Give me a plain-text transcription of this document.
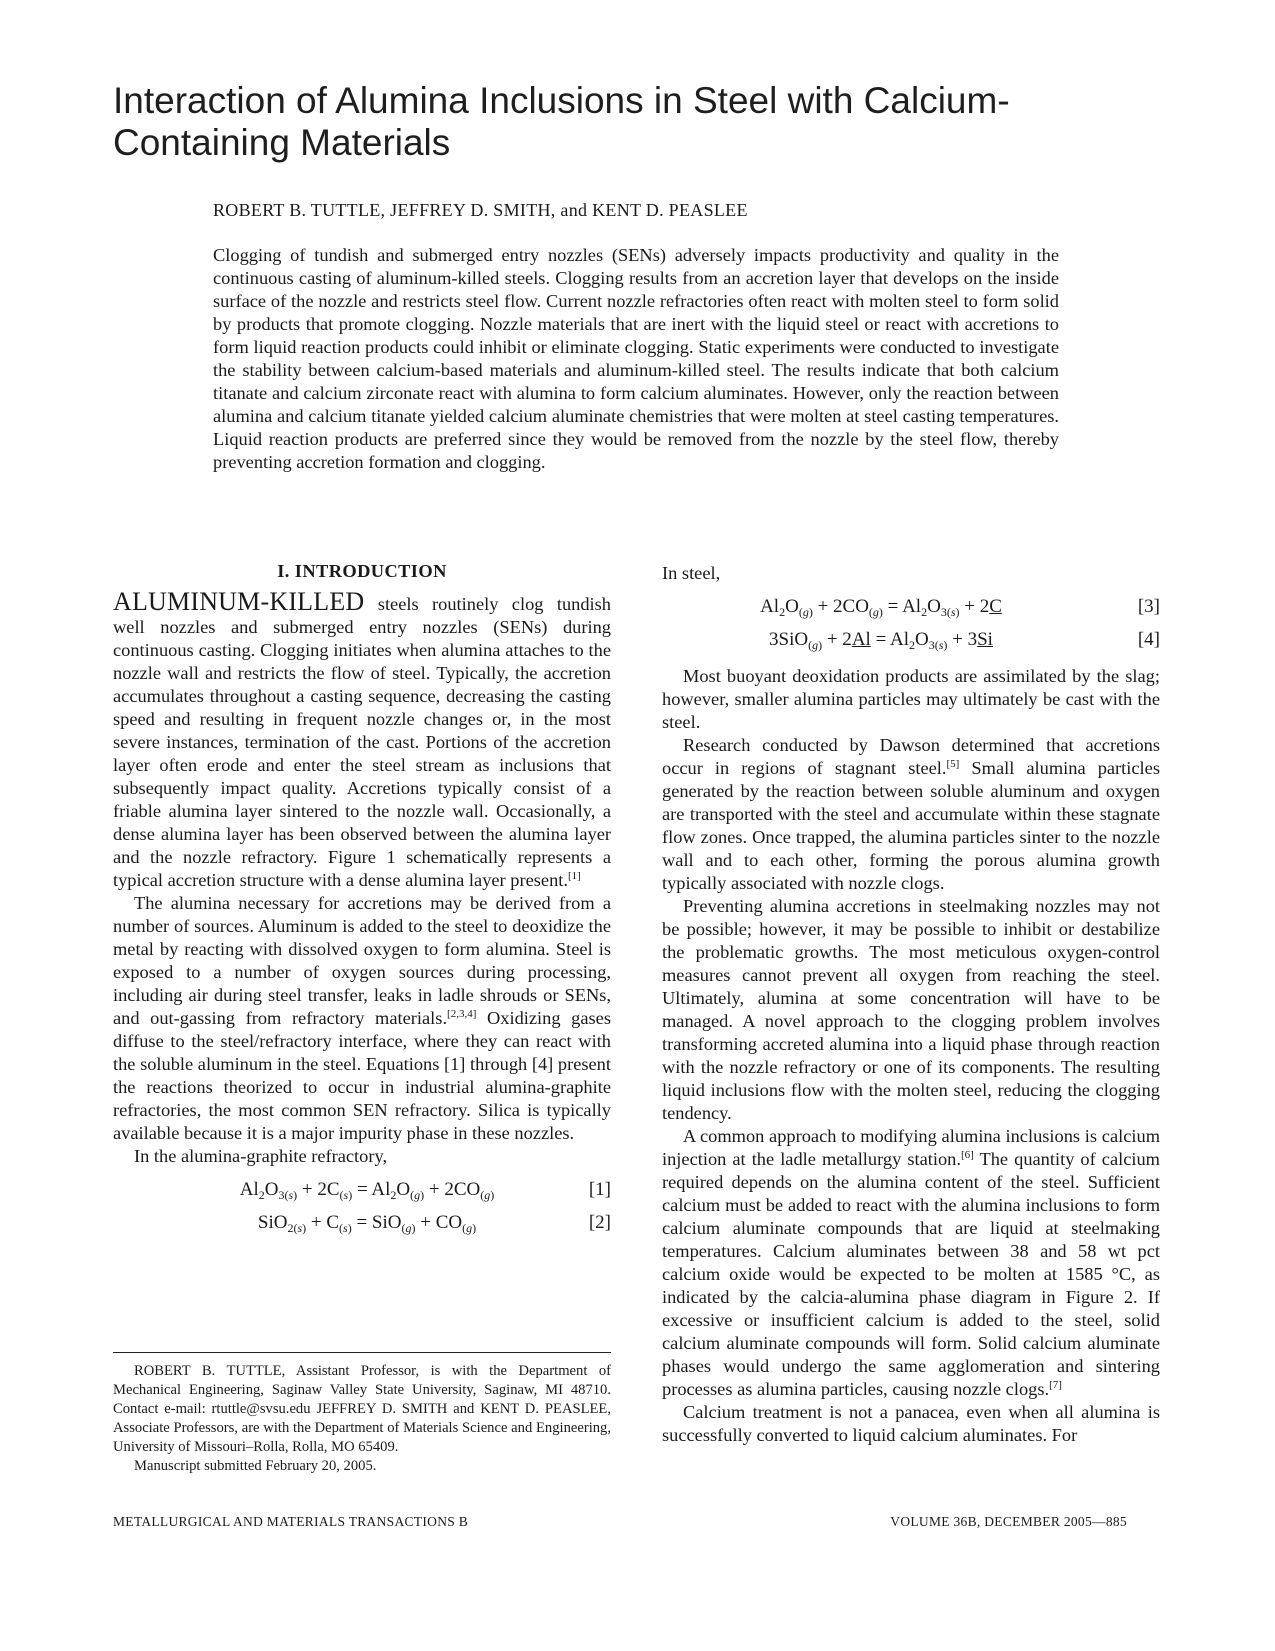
Interaction of Alumina Inclusions in Steel with Calcium-Containing Materials
ROBERT B. TUTTLE, JEFFREY D. SMITH, and KENT D. PEASLEE

Clogging of tundish and submerged entry nozzles (SENs) adversely impacts productivity and quality in the continuous casting of aluminum-killed steels. Clogging results from an accretion layer that develops on the inside surface of the nozzle and restricts steel flow. Current nozzle refractories often react with molten steel to form solid by products that promote clogging. Nozzle materials that are inert with the liquid steel or react with accretions to form liquid reaction products could inhibit or eliminate clogging. Static experiments were conducted to investigate the stability between calcium-based materials and aluminum-killed steel. The results indicate that both calcium titanate and calcium zirconate react with alumina to form calcium aluminates. However, only the reaction between alumina and calcium titanate yielded calcium aluminate chemistries that were molten at steel casting temperatures. Liquid reaction products are preferred since they would be removed from the nozzle by the steel flow, thereby preventing accretion formation and clogging.

I. INTRODUCTION

ALUMINUM-KILLED steels routinely clog tundish well nozzles and submerged entry nozzles (SENs) during continuous casting. Clogging initiates when alumina attaches to the nozzle wall and restricts the flow of steel. Typically, the accretion accumulates throughout a casting sequence, decreasing the casting speed and resulting in frequent nozzle changes or, in the most severe instances, termination of the cast. Portions of the accretion layer often erode and enter the steel stream as inclusions that subsequently impact quality. Accretions typically consist of a friable alumina layer sintered to the nozzle wall. Occasionally, a dense alumina layer has been observed between the alumina layer and the nozzle refractory. Figure 1 schematically represents a typical accretion structure with a dense alumina layer present.[1]

The alumina necessary for accretions may be derived from a number of sources. Aluminum is added to the steel to deoxidize the metal by reacting with dissolved oxygen to form alumina. Steel is exposed to a number of oxygen sources during processing, including air during steel transfer, leaks in ladle shrouds or SENs, and out-gassing from refractory materials.[2,3,4] Oxidizing gases diffuse to the steel/refractory interface, where they can react with the soluble aluminum in the steel. Equations [1] through [4] present the reactions theorized to occur in industrial alumina-graphite refractories, the most common SEN refractory. Silica is typically available because it is a major impurity phase in these nozzles.

In the alumina-graphite refractory,

$Al_2O_{3(s)} + 2C_{(s)} = Al_2O_{(g)} + 2CO_{(g)}$	[1]
$SiO_{2(s)} + C_{(s)} = SiO_{(g)} + CO_{(g)}$	[2]

In steel,

$Al_2O_{(g)} + 2CO_{(g)} = Al_2O_{3(s)} + 2C$	[3]
$3SiO_{(g)} + 2Al = Al_2O_{3(s)} + 3Si$	[4]

Most buoyant deoxidation products are assimilated by the slag; however, smaller alumina particles may ultimately be cast with the steel.

Research conducted by Dawson determined that accretions occur in regions of stagnant steel.[5] Small alumina particles generated by the reaction between soluble aluminum and oxygen are transported with the steel and accumulate within these stagnate flow zones. Once trapped, the alumina particles sinter to the nozzle wall and to each other, forming the porous alumina growth typically associated with nozzle clogs.

Preventing alumina accretions in steelmaking nozzles may not be possible; however, it may be possible to inhibit or destabilize the problematic growths. The most meticulous oxygen-control measures cannot prevent all oxygen from reaching the steel. Ultimately, alumina at some concentration will have to be managed. A novel approach to the clogging problem involves transforming accreted alumina into a liquid phase through reaction with the nozzle refractory or one of its components. The resulting liquid inclusions flow with the molten steel, reducing the clogging tendency.

A common approach to modifying alumina inclusions is calcium injection at the ladle metallurgy station.[6] The quantity of calcium required depends on the alumina content of the steel. Sufficient calcium must be added to react with the alumina inclusions to form calcium aluminate compounds that are liquid at steelmaking temperatures. Calcium aluminates between 38 and 58 wt pct calcium oxide would be expected to be molten at 1585 °C, as indicated by the calcia-alumina phase diagram in Figure 2. If excessive or insufficient calcium is added to the steel, solid calcium aluminate compounds will form. Solid calcium aluminate phases would undergo the same agglomeration and sintering processes as alumina particles, causing nozzle clogs.[7]

Calcium treatment is not a panacea, even when all alumina is successfully converted to liquid calcium aluminates. For

ROBERT B. TUTTLE, Assistant Professor, is with the Department of Mechanical Engineering, Saginaw Valley State University, Saginaw, MI 48710. Contact e-mail: rtuttle@svsu.edu JEFFREY D. SMITH and KENT D. PEASLEE, Associate Professors, are with the Department of Materials Science and Engineering, University of Missouri–Rolla, Rolla, MO 65409.

Manuscript submitted February 20, 2005.

METALLURGICAL AND MATERIALS TRANSACTIONS B	VOLUME 36B, DECEMBER 2005—885
